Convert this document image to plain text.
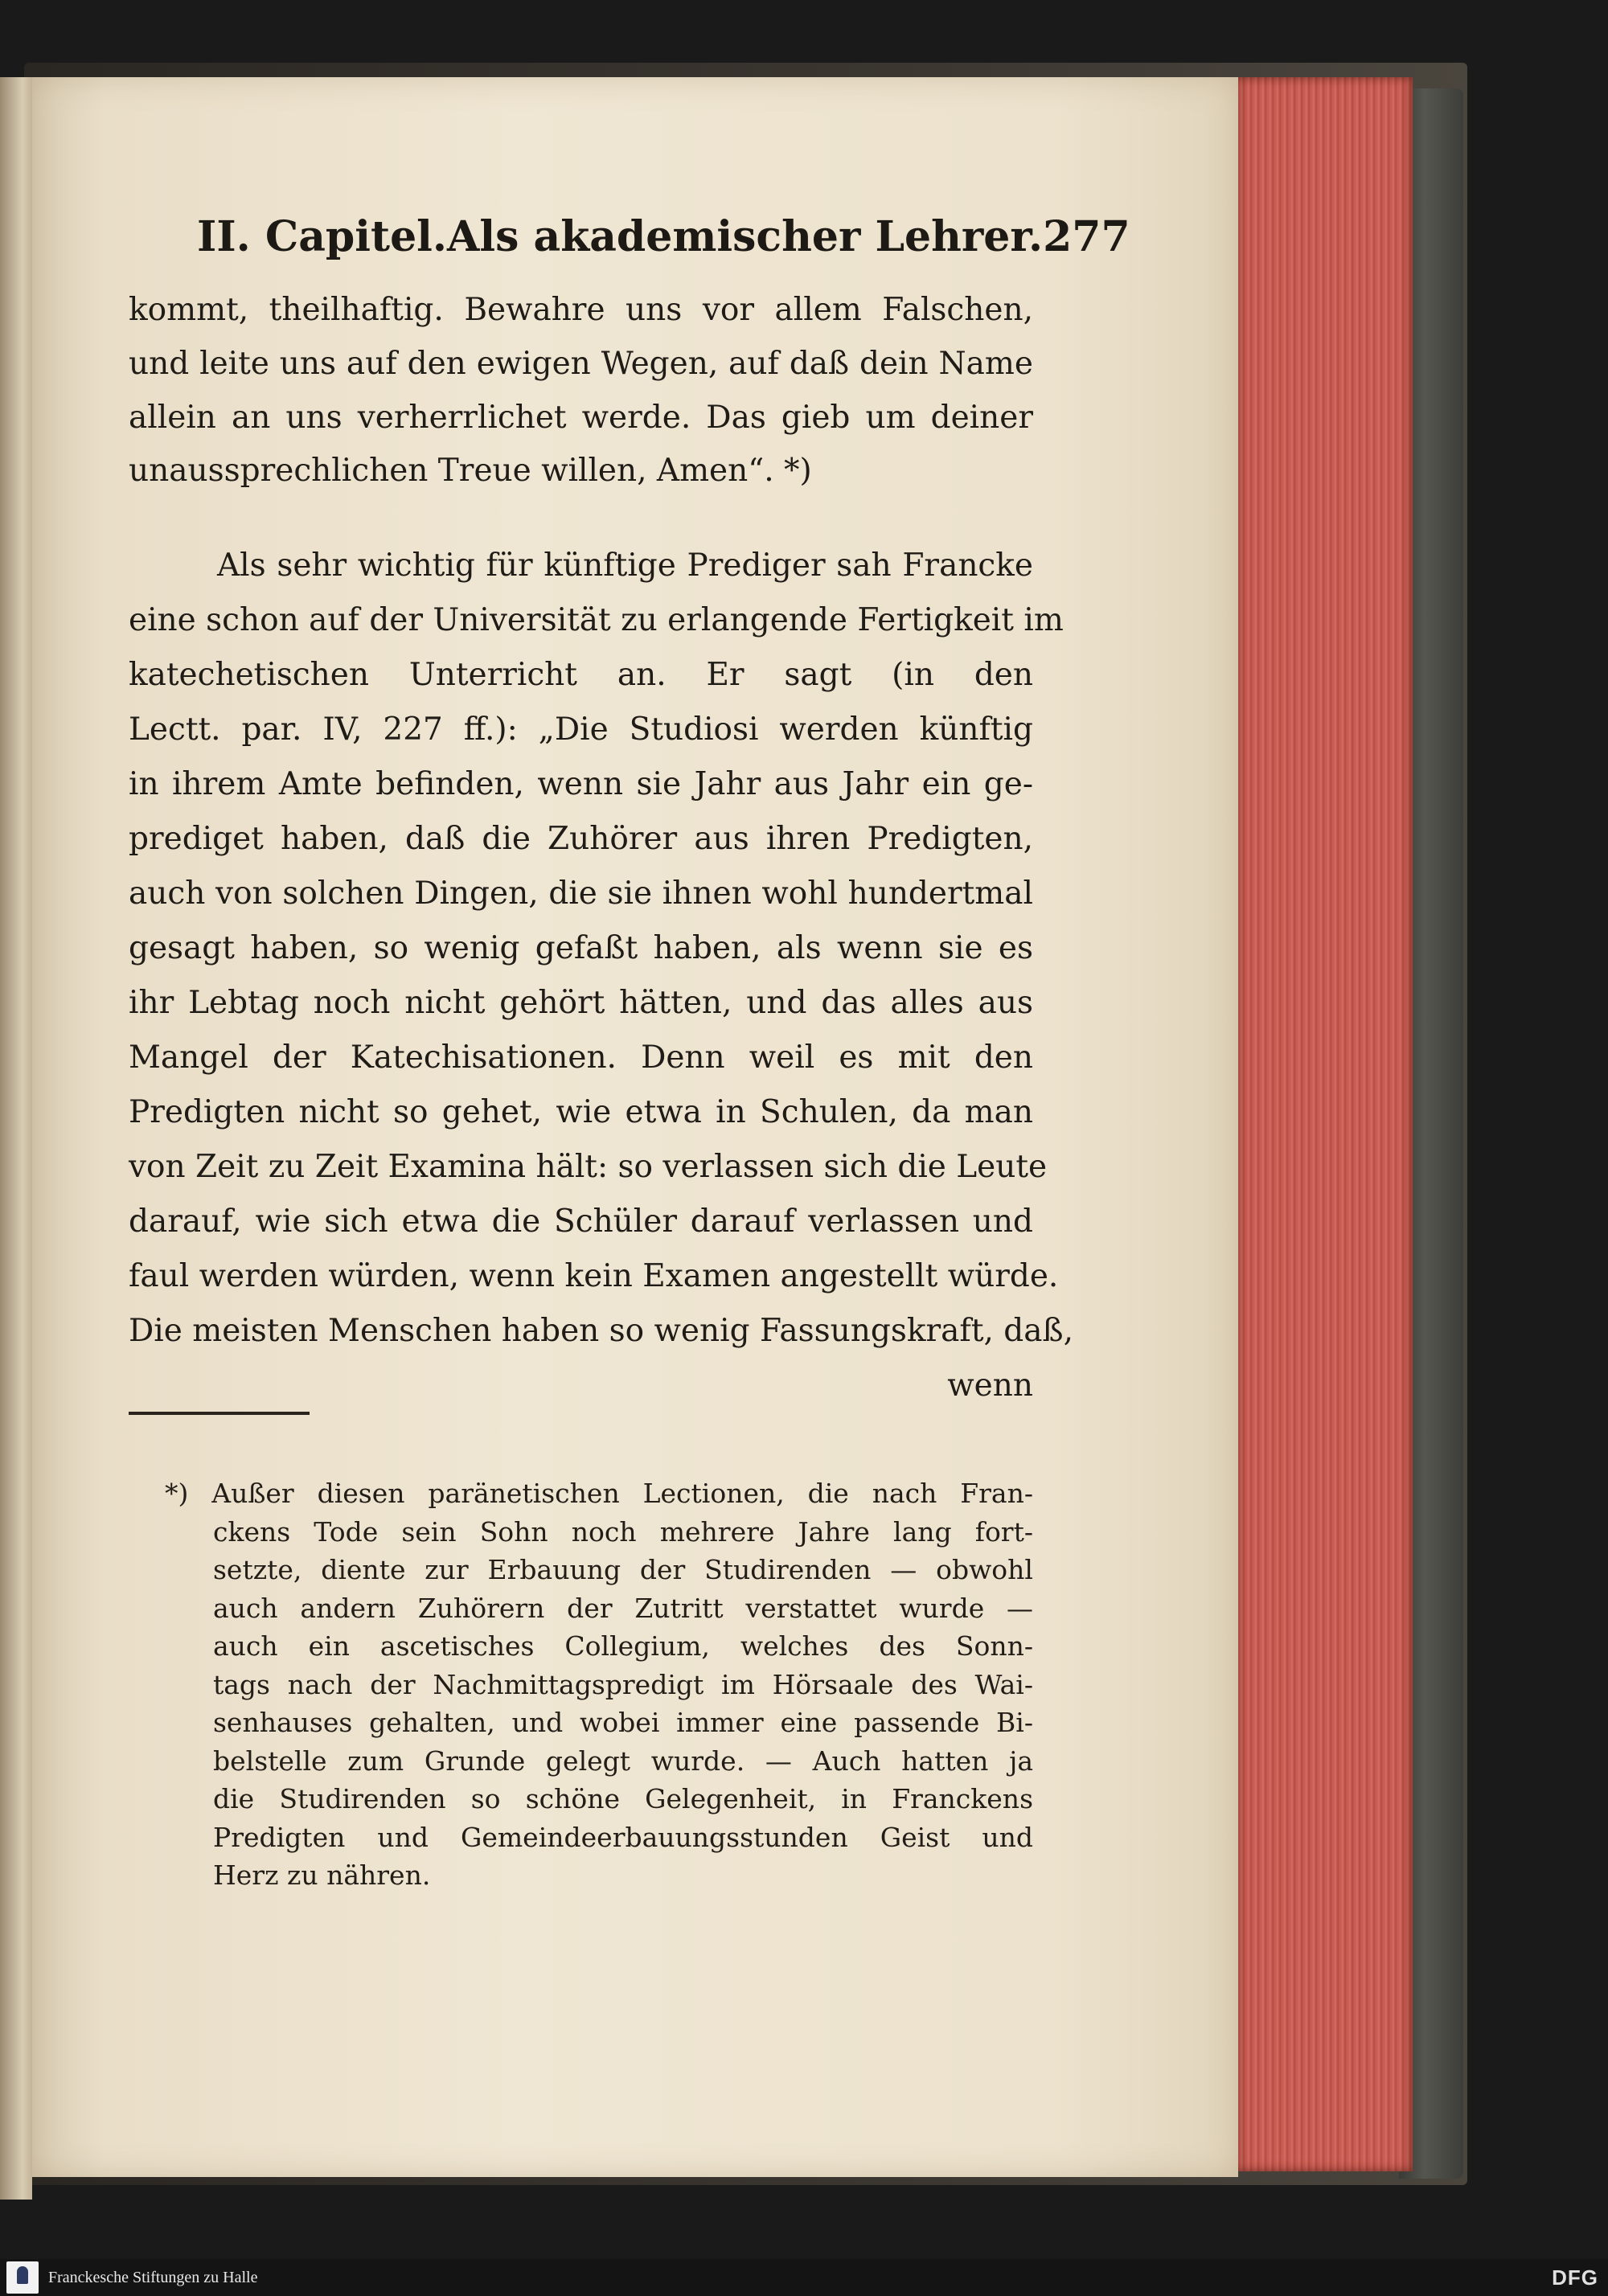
II. Capitel. Als akademischer Lehrer. 277
kommt, theilhaftig. Bewahre uns vor allem Falschen,
und leite uns auf den ewigen Wegen, auf daß dein Name
allein an uns verherrlichet werde. Das gieb um deiner
unaussprechlichen Treue willen, Amen“. *)
Als sehr wichtig für künftige Prediger sah Francke
eine schon auf der Universität zu erlangende Fertigkeit im
katechetischen Unterricht an. Er sagt (in den
Lectt. par. IV, 227 ff.): „Die Studiosi werden künftig
in ihrem Amte befinden, wenn sie Jahr aus Jahr ein ge-
prediget haben, daß die Zuhörer aus ihren Predigten,
auch von solchen Dingen, die sie ihnen wohl hundertmal
gesagt haben, so wenig gefaßt haben, als wenn sie es
ihr Lebtag noch nicht gehört hätten, und das alles aus
Mangel der Katechisationen. Denn weil es mit den
Predigten nicht so gehet, wie etwa in Schulen, da man
von Zeit zu Zeit Examina hält: so verlassen sich die Leute
darauf, wie sich etwa die Schüler darauf verlassen und
faul werden würden, wenn kein Examen angestellt würde.
Die meisten Menschen haben so wenig Fassungskraft, daß,
wenn
*) Außer diesen paränetischen Lectionen, die nach Fran-
ckens Tode sein Sohn noch mehrere Jahre lang fort-
setzte, diente zur Erbauung der Studirenden — obwohl
auch andern Zuhörern der Zutritt verstattet wurde —
auch ein ascetisches Collegium, welches des Sonn-
tags nach der Nachmittagspredigt im Hörsaale des Wai-
senhauses gehalten, und wobei immer eine passende Bi-
belstelle zum Grunde gelegt wurde. — Auch hatten ja
die Studirenden so schöne Gelegenheit, in Franckens
Predigten und Gemeindeerbauungsstunden Geist und
Herz zu nähren.
Franckesche Stiftungen zu Halle	DFG
